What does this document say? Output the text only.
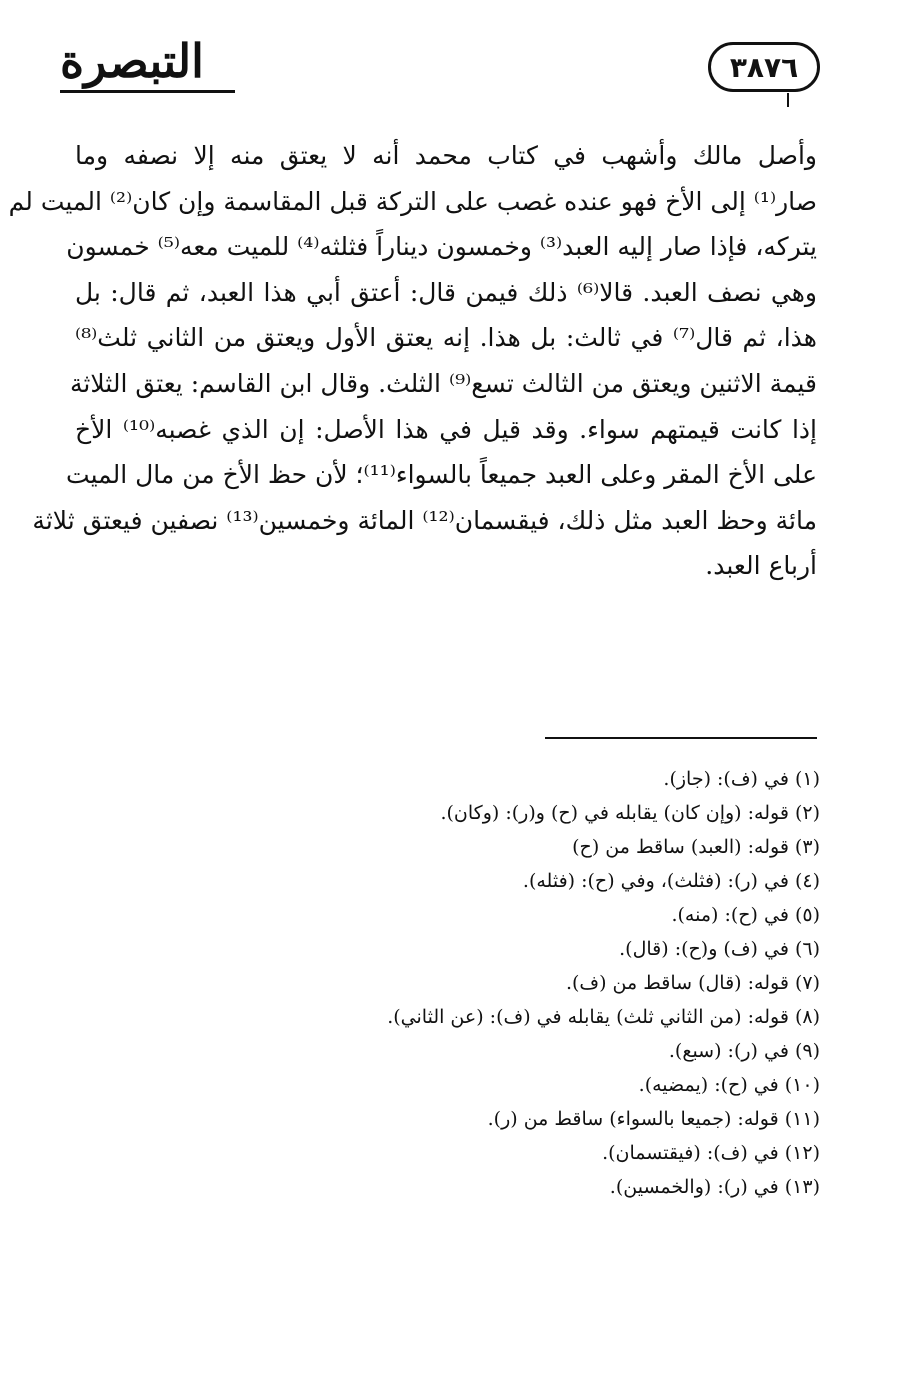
التبصرة	٣٨٧٦
وأصل مالك وأشهب في كتاب محمد أنه لا يعتق منه إلا نصفه وما
صار⁽¹⁾ إلى الأخ فهو عنده غصب على التركة قبل المقاسمة وإن كان⁽²⁾ الميت لم
يتركه، فإذا صار إليه العبد⁽³⁾ وخمسون ديناراً فثلثه⁽⁴⁾ للميت معه⁽⁵⁾ خمسون
وهي نصف العبد. قالا⁽⁶⁾ ذلك فيمن قال: أعتق أبي هذا العبد، ثم قال: بل
هذا، ثم قال⁽⁷⁾ في ثالث: بل هذا. إنه يعتق الأول ويعتق من الثاني ثلث⁽⁸⁾
قيمة الاثنين ويعتق من الثالث تسع⁽⁹⁾ الثلث. وقال ابن القاسم: يعتق الثلاثة
إذا كانت قيمتهم سواء. وقد قيل في هذا الأصل: إن الذي غصبه⁽¹⁰⁾ الأخ
على الأخ المقر وعلى العبد جميعاً بالسواء⁽¹¹⁾؛ لأن حظ الأخ من مال الميت
مائة وحظ العبد مثل ذلك، فيقسمان⁽¹²⁾ المائة وخمسين⁽¹³⁾ نصفين فيعتق ثلاثة
أرباع العبد.
(١) في (ف): (جاز).
(٢) قوله: (وإن كان) يقابله في (ح) و(ر): (وكان).
(٣) قوله: (العبد) ساقط من (ح)
(٤) في (ر): (فثلث)، وفي (ح): (فثله).
(٥) في (ح): (منه).
(٦) في (ف) و(ح): (قال).
(٧) قوله: (قال) ساقط من (ف).
(٨) قوله: (من الثاني ثلث) يقابله في (ف): (عن الثاني).
(٩) في (ر): (سبع).
(١٠) في (ح): (يمضيه).
(١١) قوله: (جميعا بالسواء) ساقط من (ر).
(١٢) في (ف): (فيقتسمان).
(١٣) في (ر): (والخمسين).
